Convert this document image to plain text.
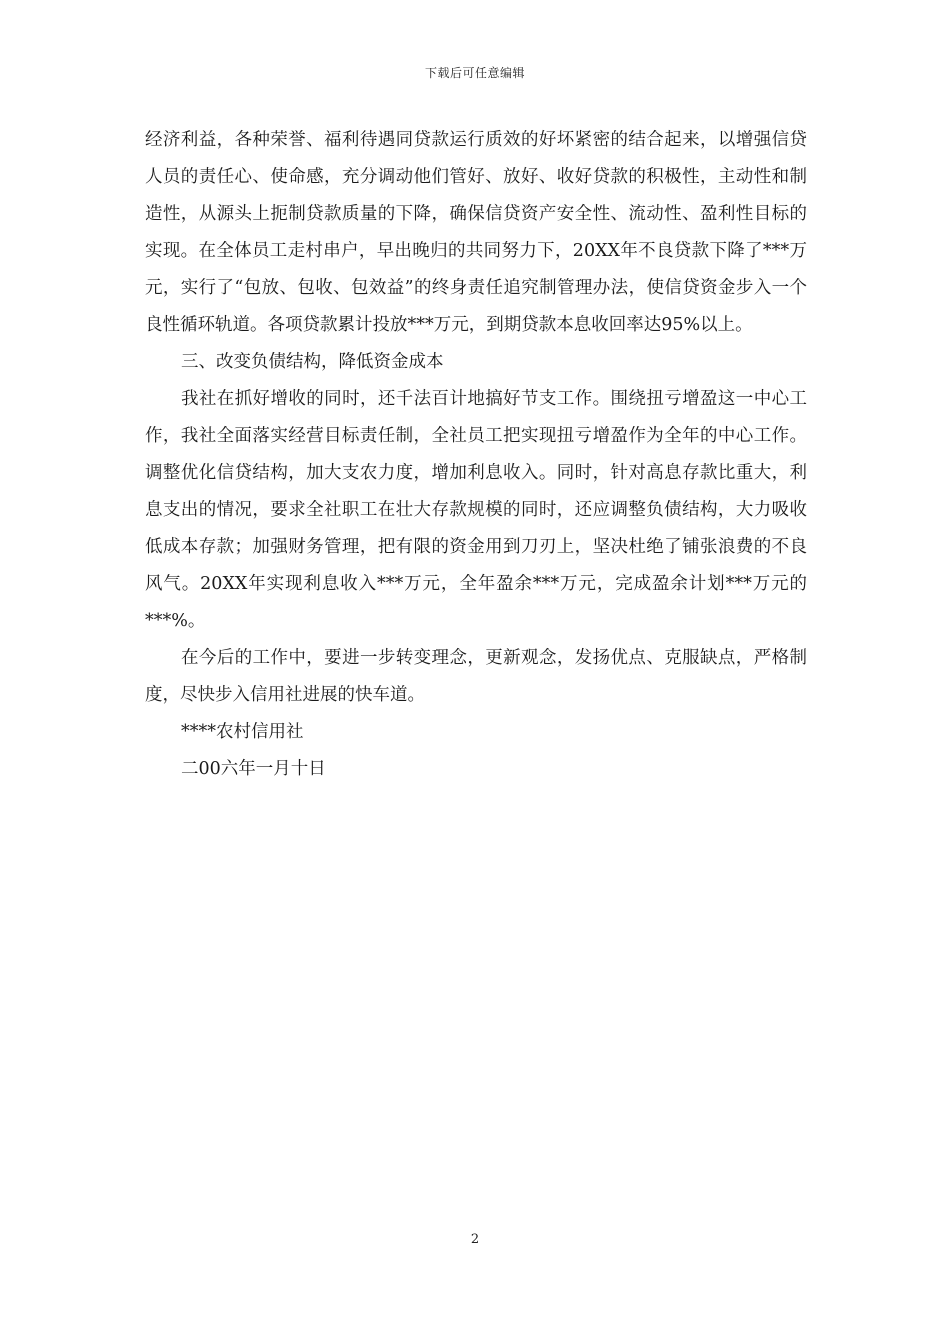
下载后可任意编辑

经济利益，各种荣誉、福利待遇同贷款运行质效的好坏紧密的结合起来，以增强信贷人员的责任心、使命感，充分调动他们管好、放好、收好贷款的积极性，主动性和制造性，从源头上扼制贷款质量的下降，确保信贷资产安全性、流动性、盈利性目标的实现。在全体员工走村串户，早出晚归的共同努力下，20XX年不良贷款下降了***万元，实行了“包放、包收、包效益”的终身责任追究制管理办法，使信贷资金步入一个良性循环轨道。各项贷款累计投放***万元，到期贷款本息收回率达95%以上。

三、改变负债结构，降低资金成本

我社在抓好增收的同时，还千法百计地搞好节支工作。围绕扭亏增盈这一中心工作，我社全面落实经营目标责任制，全社员工把实现扭亏增盈作为全年的中心工作。调整优化信贷结构，加大支农力度，增加利息收入。同时，针对高息存款比重大，利息支出的情况，要求全社职工在壮大存款规模的同时，还应调整负债结构，大力吸收低成本存款；加强财务管理，把有限的资金用到刀刃上，坚决杜绝了铺张浪费的不良风气。20XX年实现利息收入***万元，全年盈余***万元，完成盈余计划***万元的***%。

在今后的工作中，要进一步转变理念，更新观念，发扬优点、克服缺点，严格制度，尽快步入信用社进展的快车道。

****农村信用社

二00六年一月十日

2
